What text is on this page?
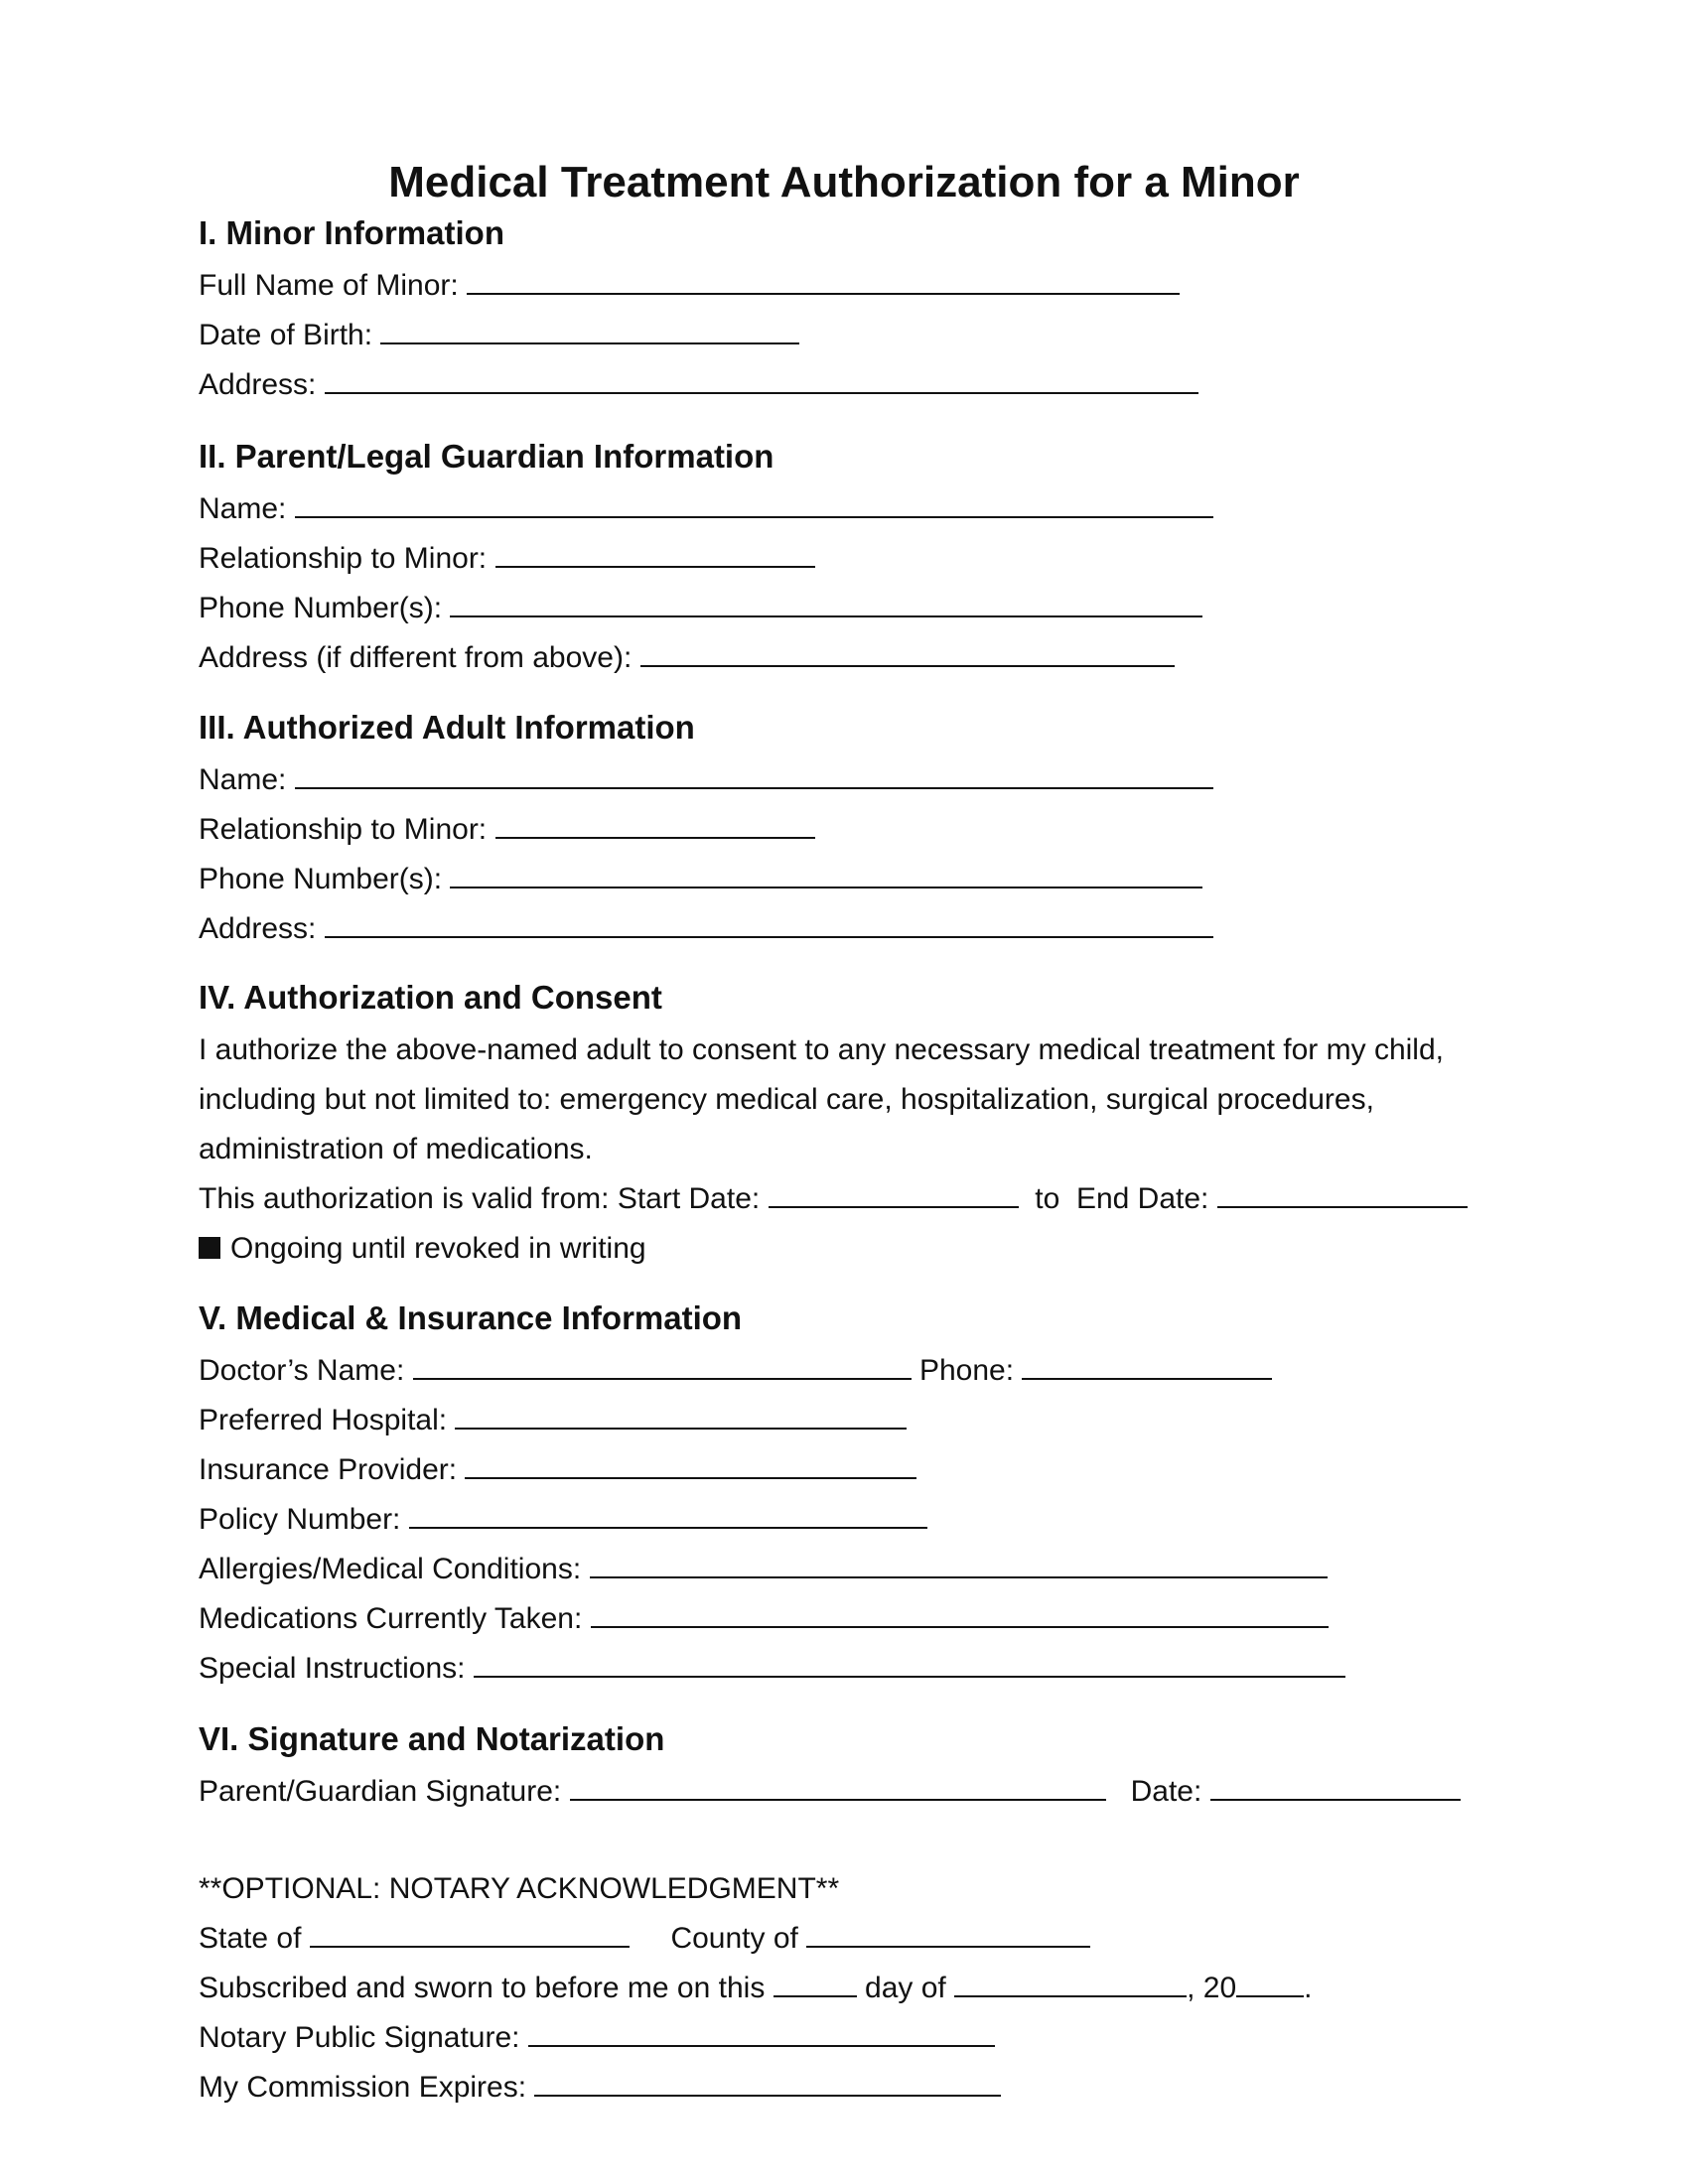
Medical Treatment Authorization for a Minor
I. Minor Information
Full Name of Minor:
Date of Birth:
Address:
II. Parent/Legal Guardian Information
Name:
Relationship to Minor:
Phone Number(s):
Address (if different from above):
III. Authorized Adult Information
Name:
Relationship to Minor:
Phone Number(s):
Address:
IV. Authorization and Consent
I authorize the above-named adult to consent to any necessary medical treatment for my child,
including but not limited to: emergency medical care, hospitalization, surgical procedures,
administration of medications.
This authorization is valid from: Start Date:	to End Date:
Ongoing until revoked in writing
V. Medical & Insurance Information
Doctor’s Name:	Phone:
Preferred Hospital:
Insurance Provider:
Policy Number:
Allergies/Medical Conditions:
Medications Currently Taken:
Special Instructions:
VI. Signature and Notarization
Parent/Guardian Signature:	Date:
**OPTIONAL: NOTARY ACKNOWLEDGMENT**
State of	County of
Subscribed and sworn to before me on this	day of	, 20 .
Notary Public Signature:
My Commission Expires:
